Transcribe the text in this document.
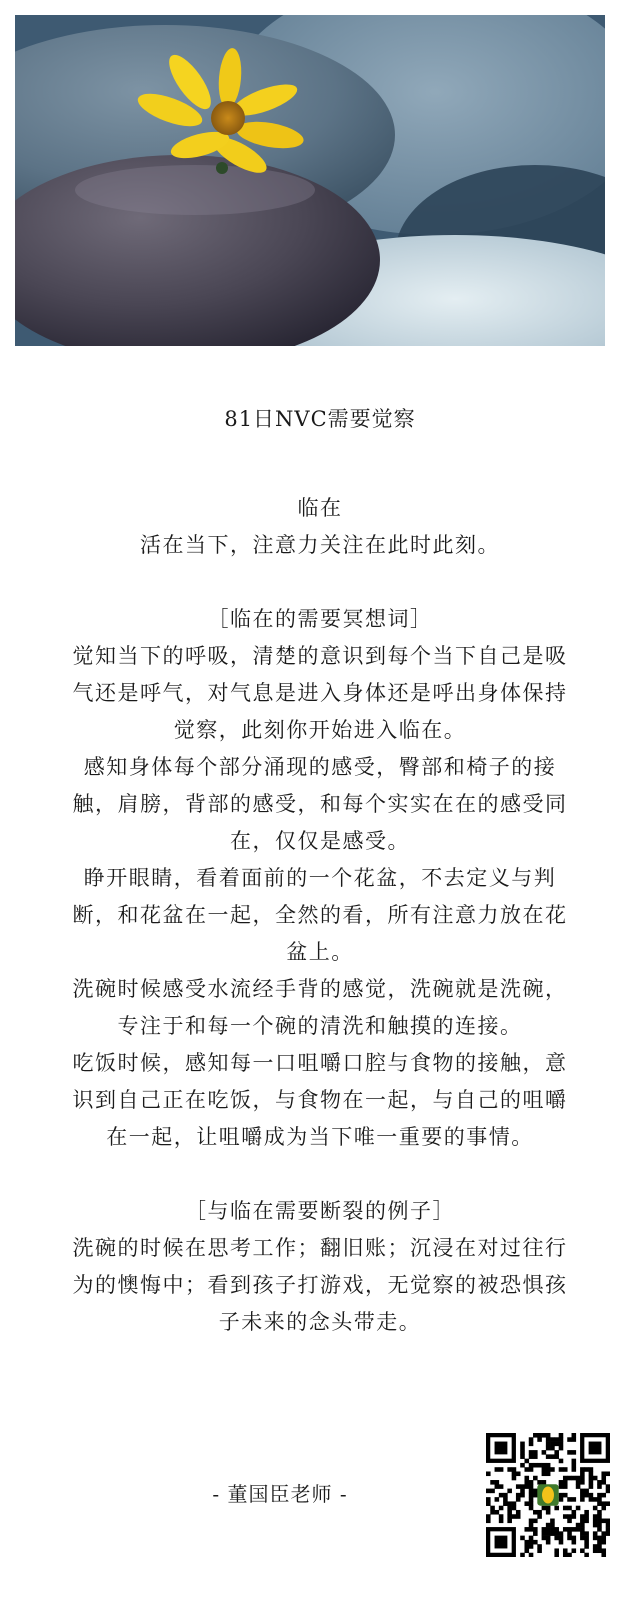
81日NVC需要觉察

临在

活在当下，注意力关注在此时此刻。

［临在的需要冥想词］

觉知当下的呼吸，清楚的意识到每个当下自己是吸气还是呼气，对气息是进入身体还是呼出身体保持觉察，此刻你开始进入临在。

感知身体每个部分涌现的感受，臀部和椅子的接触，肩膀，背部的感受，和每个实实在在的感受同在，仅仅是感受。

睁开眼睛，看着面前的一个花盆，不去定义与判断，和花盆在一起，全然的看，所有注意力放在花盆上。

洗碗时候感受水流经手背的感觉，洗碗就是洗碗，专注于和每一个碗的清洗和触摸的连接。

吃饭时候，感知每一口咀嚼口腔与食物的接触，意识到自己正在吃饭，与食物在一起，与自己的咀嚼在一起，让咀嚼成为当下唯一重要的事情。

［与临在需要断裂的例子］

洗碗的时候在思考工作；翻旧账；沉浸在对过往行为的懊悔中；看到孩子打游戏，无觉察的被恐惧孩子未来的念头带走。

- 董国臣老师 -
